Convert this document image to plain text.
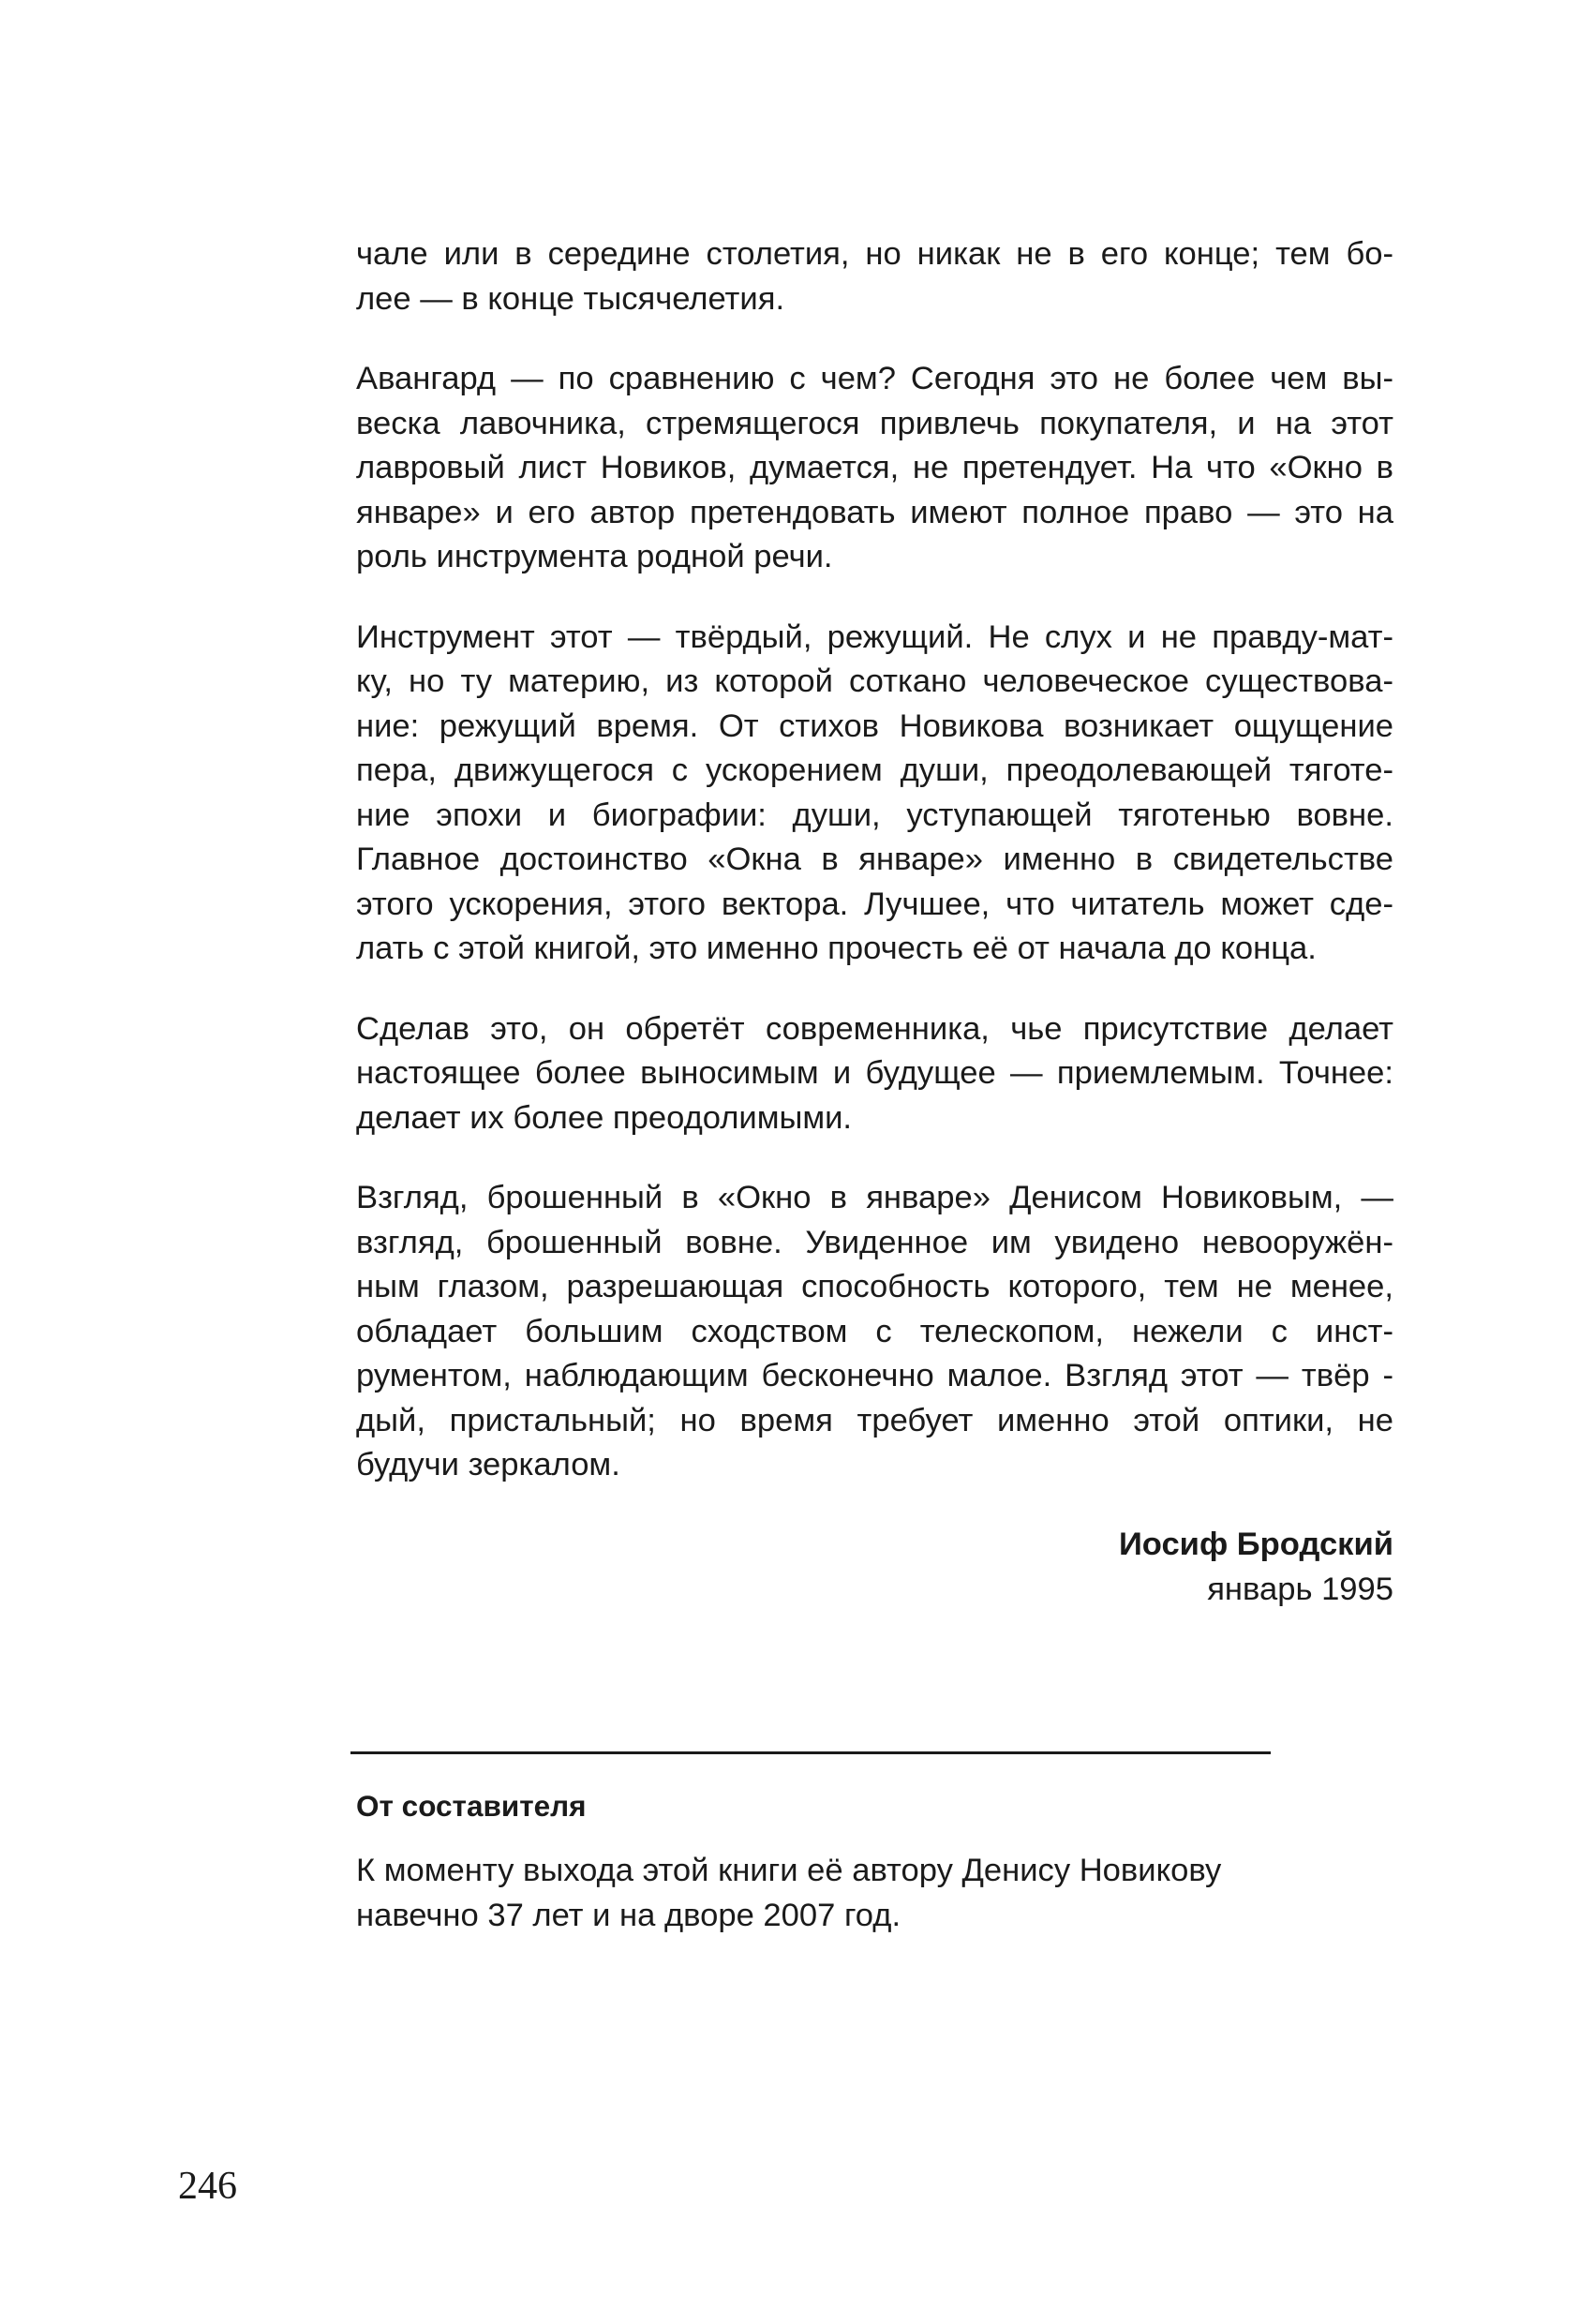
чале или в середине столетия, но никак не в его конце; тем бо-
лее — в конце тысячелетия.

Авангард — по сравнению с чем? Сегодня это не более чем вы-
веска лавочника, стремящегося привлечь покупателя, и на этот
лавровый лист Новиков, думается, не претендует. На что «Окно в
январе» и его автор претендовать имеют полное право — это на
роль инструмента родной речи.

Инструмент этот — твёрдый, режущий. Не слух и не правду-мат-
ку, но ту материю, из которой соткано человеческое существова-
ние: режущий время. От стихов Новикова возникает ощущение
пера, движущегося с ускорением души, преодолевающей тяготе-
ние эпохи и биографии: души, уступающей тяготенью вовне.
Главное достоинство «Окна в январе» именно в свидетельстве
этого ускорения, этого вектора. Лучшее, что читатель может сде-
лать с этой книгой, это именно прочесть её от начала до конца.

Сделав это, он обретёт современника, чье присутствие делает
настоящее более выносимым и будущее — приемлемым. Точнее:
делает их более преодолимыми.

Взгляд, брошенный в «Окно в январе» Денисом Новиковым, —
взгляд, брошенный вовне. Увиденное им увидено невооружён-
ным глазом, разрешающая способность которого, тем не менее,
обладает большим сходством с телескопом, нежели с инст-
рументом, наблюдающим бесконечно малое. Взгляд этот — твёр -
дый, пристальный; но время требует именно этой оптики, не
будучи зеркалом.

Иосиф Бродский
январь 1995

От составителя

К моменту выхода этой книги её автору Денису Новикову
навечно 37 лет и на дворе 2007 год.

246
